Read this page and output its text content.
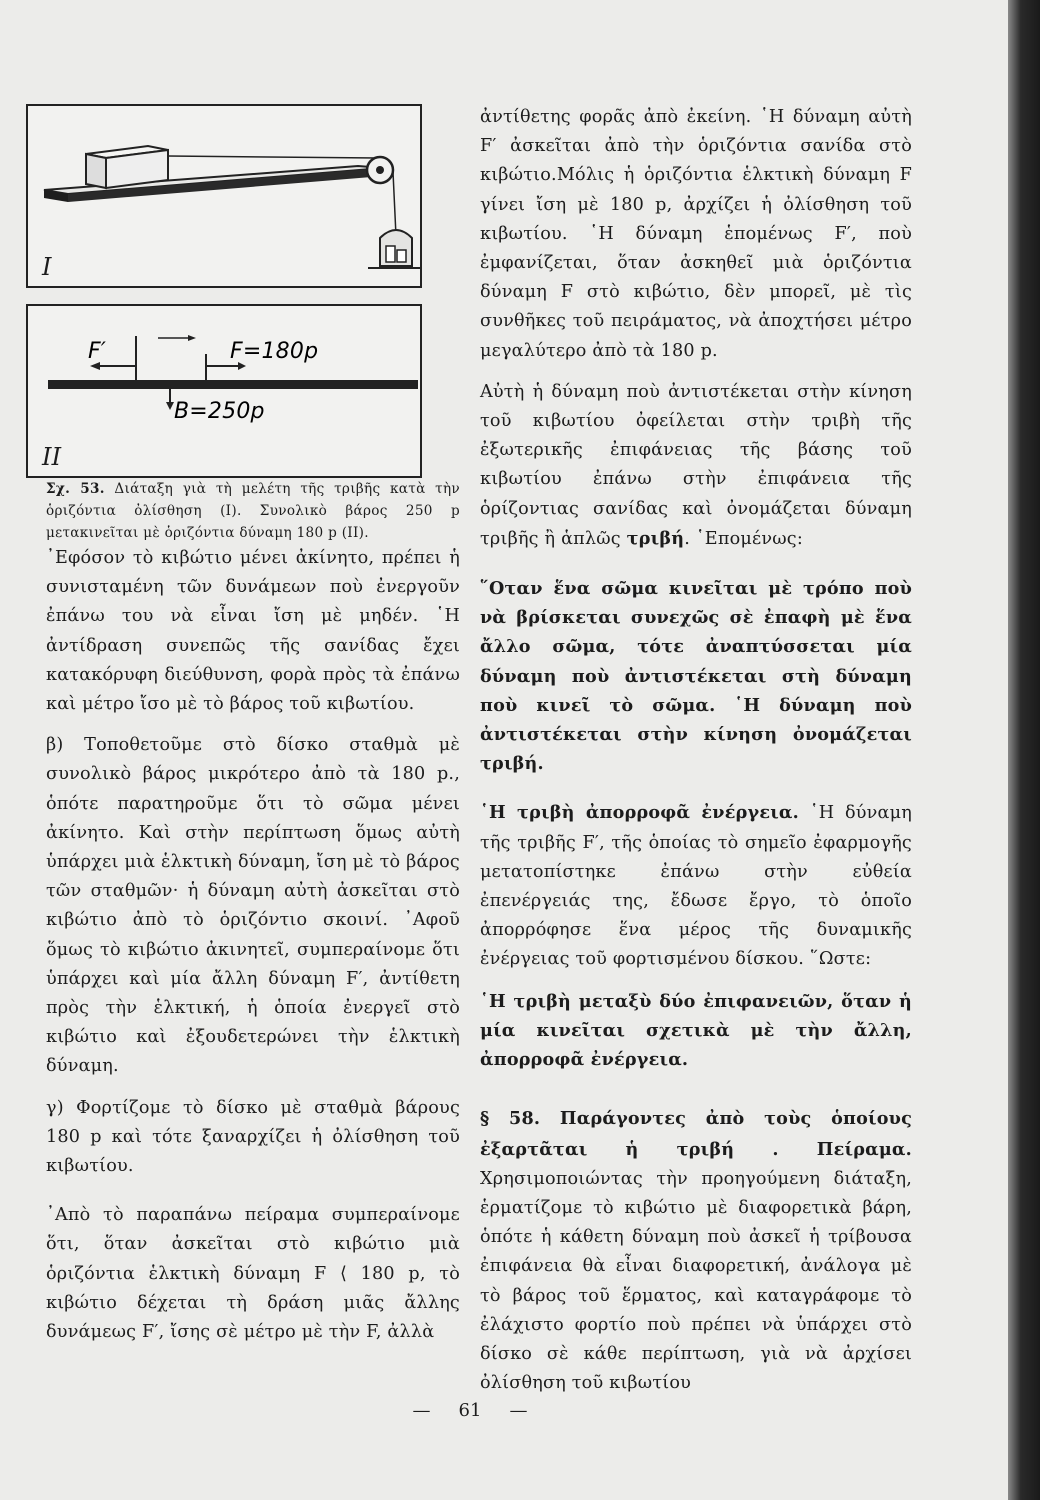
I
F′	F=180p
B=250p
II

Σχ. 53. Διάταξη γιὰ τὴ μελέτη τῆς τριβῆς κατὰ τὴν ὁριζόντια ὀλίσθηση (I). Συνολικὸ βάρος 250 p μετακινεῖται μὲ ὁριζόντια δύναμη 180 p (II).

᾿Εφόσον τὸ κιβώτιο μένει ἀκίνητο, πρέπει ἡ συνισταμένη τῶν δυνάμεων ποὺ ἐνεργοῦν ἐπάνω του νὰ εἶναι ἴση μὲ μηδέν. ῾Η ἀντίδραση συνεπῶς τῆς σανίδας ἔχει κατακόρυφη διεύθυνση, φορὰ πρὸς τὰ ἐπάνω καὶ μέτρο ἴσο μὲ τὸ βάρος τοῦ κιβωτίου.

β) Τοποθετοῦμε στὸ δίσκο σταθμὰ μὲ συνολικὸ βάρος μικρότερο ἀπὸ τὰ 180 p., ὁπότε παρατηροῦμε ὅτι τὸ σῶμα μένει ἀκίνητο. Καὶ στὴν περίπτωση ὅμως αὐτὴ ὑπάρχει μιὰ ἑλκτικὴ δύναμη, ἴση μὲ τὸ βάρος τῶν σταθμῶν· ἡ δύναμη αὐτὴ ἀσκεῖται στὸ κιβώτιο ἀπὸ τὸ ὁριζόντιο σκοινί. ᾿Αφοῦ ὅμως τὸ κιβώτιο ἀκινητεῖ, συμπεραίνομε ὅτι ὑπάρχει καὶ μία ἄλλη δύναμη F′, ἀντίθετη πρὸς τὴν ἑλκτική, ἡ ὁποία ἐνεργεῖ στὸ κιβώτιο καὶ ἐξουδετερώνει τὴν ἑλκτικὴ δύναμη.

γ) Φορτίζομε τὸ δίσκο μὲ σταθμὰ βάρους 180 p καὶ τότε ξαναρχίζει ἡ ὀλίσθηση τοῦ κιβωτίου.

᾿Απὸ τὸ παραπάνω πείραμα συμπεραίνομε ὅτι, ὅταν ἀσκεῖται στὸ κιβώτιο μιὰ ὁριζόντια ἑλκτικὴ δύναμη F ⟨ 180 p, τὸ κιβώτιο δέχεται τὴ δράση μιᾶς ἄλλης δυνάμεως F′, ἴσης σὲ μέτρο μὲ τὴν F, ἀλλὰ

ἀντίθετης φορᾶς ἀπὸ ἐκείνη. ῾Η δύναμη αὐτὴ F′ ἀσκεῖται ἀπὸ τὴν ὁριζόντια σανίδα στὸ κιβώτιο.Μόλις ἡ ὁριζόντια ἑλκτικὴ δύναμη F γίνει ἴση μὲ 180 p, ἀρχίζει ἡ ὀλίσθηση τοῦ κιβωτίου. ῾Η δύναμη ἑπομένως F′, ποὺ ἐμφανίζεται, ὅταν ἀσκηθεῖ μιὰ ὁριζόντια δύναμη F στὸ κιβώτιο, δὲν μπορεῖ, μὲ τὶς συνθῆκες τοῦ πειράματος, νὰ ἀποχτήσει μέτρο μεγαλύτερο ἀπὸ τὰ 180 p.

Αὐτὴ ἡ δύναμη ποὺ ἀντιστέκεται στὴν κίνηση τοῦ κιβωτίου ὀφείλεται στὴν τριβὴ τῆς ἐξωτερικῆς ἐπιφάνειας τῆς βάσης τοῦ κιβωτίου ἐπάνω στὴν ἐπιφάνεια τῆς ὁρίζοντιας σανίδας καὶ ὀνομάζεται δύναμη τριβῆς ἢ ἁπλῶς τριβή. ῾Επομένως:

῞Οταν ἕνα σῶμα κινεῖται μὲ τρόπο ποὺ νὰ βρίσκεται συνεχῶς σὲ ἐπαφὴ μὲ ἕνα ἄλλο σῶμα, τότε ἀναπτύσσεται μία δύναμη ποὺ ἀντιστέκεται στὴ δύναμη ποὺ κινεῖ τὸ σῶμα. ῾Η δύναμη ποὺ ἀντιστέκεται στὴν κίνηση ὀνομάζεται τριβή.

῾Η τριβὴ ἀπορροφᾶ ἐνέργεια. ῾Η δύναμη τῆς τριβῆς F′, τῆς ὁποίας τὸ σημεῖο ἐφαρμογῆς μετατοπίστηκε ἐπάνω στὴν εὐθεία ἐπενέργειάς της, ἔδωσε ἔργο, τὸ ὁποῖο ἀπορρόφησε ἕνα μέρος τῆς δυναμικῆς ἐνέργειας τοῦ φορτισμένου δίσκου. ῞Ωστε:

῾Η τριβὴ μεταξὺ δύο ἐπιφανειῶν, ὅταν ἡ μία κινεῖται σχετικὰ μὲ τὴν ἄλλη, ἀπορροφᾶ ἐνέργεια.

§ 58. Παράγοντες ἀπὸ τοὺς ὁποίους ἐξαρτᾶται ἡ τριβή . Πείραμα. Χρησιμοποιώντας τὴν προηγούμενη διάταξη, ἑρματίζομε τὸ κιβώτιο μὲ διαφορετικὰ βάρη, ὁπότε ἡ κάθετη δύναμη ποὺ ἀσκεῖ ἡ τρίβουσα ἐπιφάνεια θὰ εἶναι διαφορετική, ἀνάλογα μὲ τὸ βάρος τοῦ ἕρματος, καὶ καταγράφομε τὸ ἐλάχιστο φορτίο ποὺ πρέπει νὰ ὑπάρχει στὸ δίσκο σὲ κάθε περίπτωση, γιὰ νὰ ἀρχίσει ὀλίσθηση τοῦ κιβωτίου

— 61 —
